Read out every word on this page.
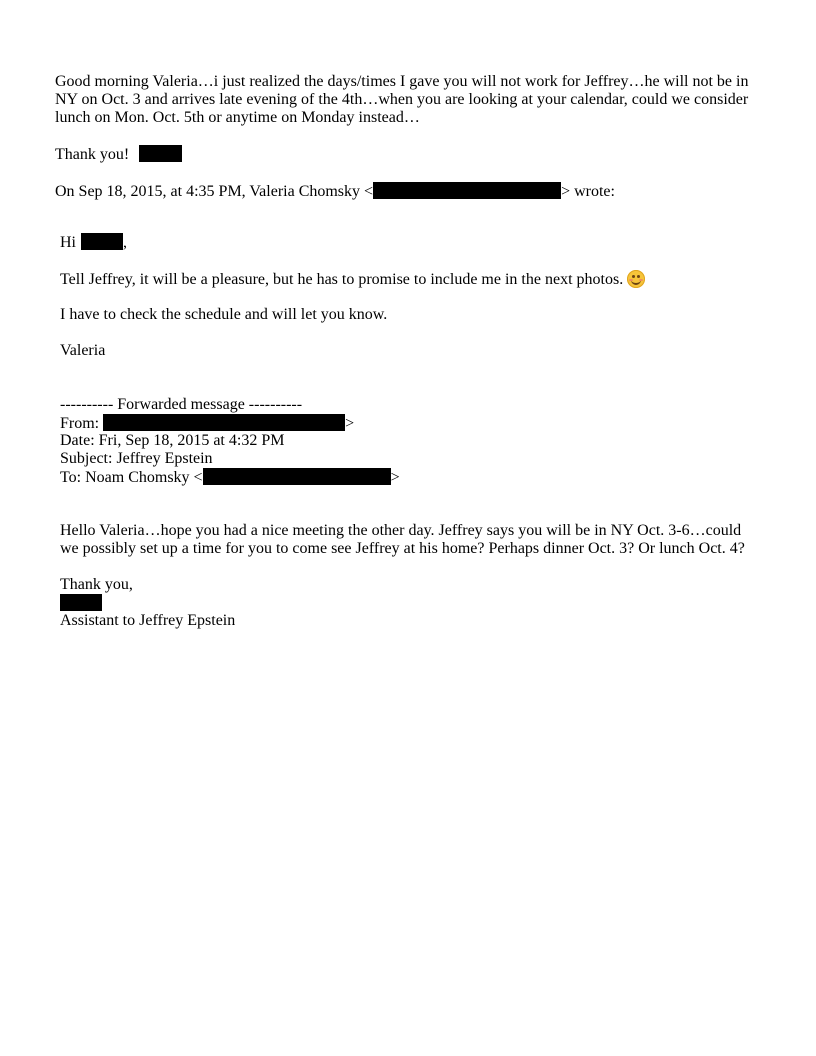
Good morning Valeria…i just realized the days/times I gave you will not work for Jeffrey…he will not be in
NY on Oct. 3 and arrives late evening of the 4th…when you are looking at your calendar, could we consider
lunch on Mon. Oct. 5th or anytime on Monday instead…
Thank you!
On Sep 18, 2015, at 4:35 PM, Valeria Chomsky <	> wrote:
Hi	,
Tell Jeffrey, it will be a pleasure, but he has to promise to include me in the next photos.
I have to check the schedule and will let you know.
Valeria
---------- Forwarded message ----------
From:	>
Date: Fri, Sep 18, 2015 at 4:32 PM
Subject: Jeffrey Epstein
To: Noam Chomsky <	>
Hello Valeria…hope you had a nice meeting the other day. Jeffrey says you will be in NY Oct. 3-6…could
we possibly set up a time for you to come see Jeffrey at his home? Perhaps dinner Oct. 3? Or lunch Oct. 4?
Thank you,
Assistant to Jeffrey Epstein
